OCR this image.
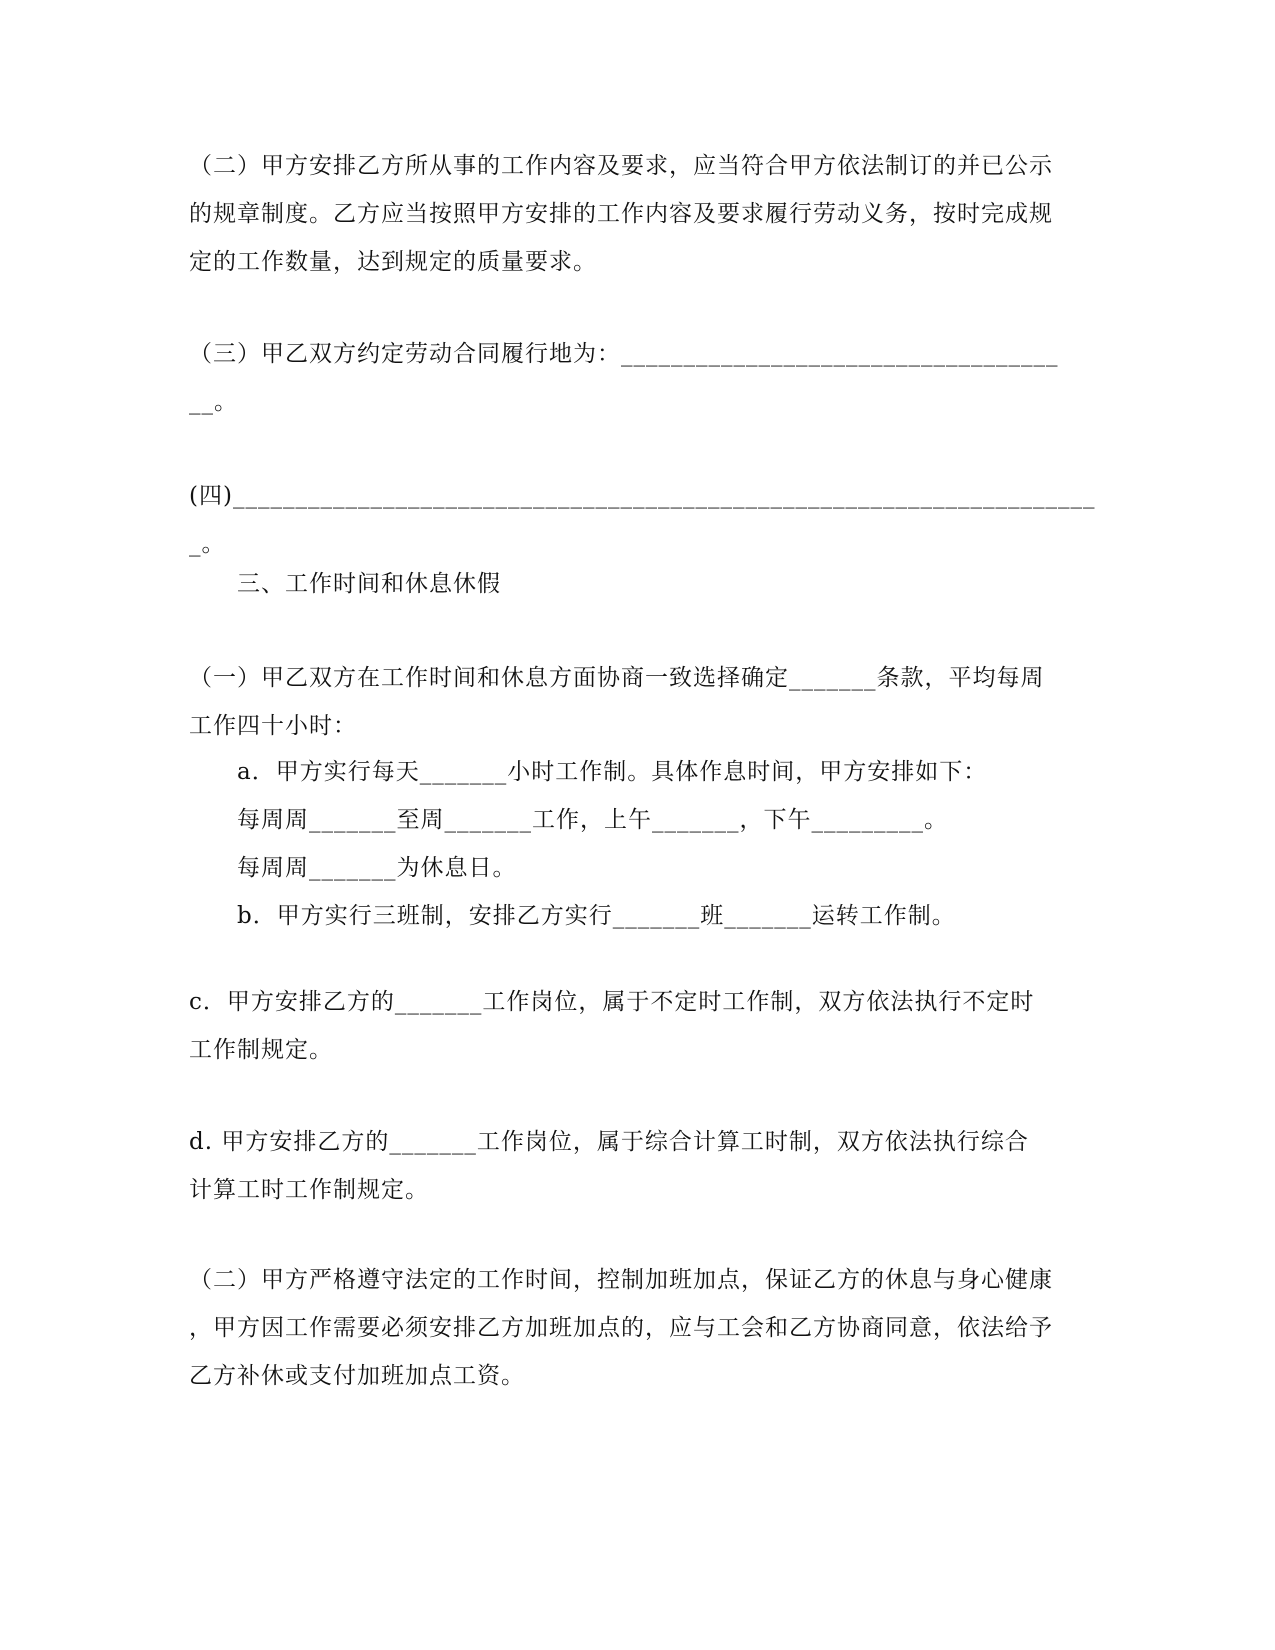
（二）甲方安排乙方所从事的工作内容及要求，应当符合甲方依法制订的并已公示
的规章制度。乙方应当按照甲方安排的工作内容及要求履行劳动义务，按时完成规
定的工作数量，达到规定的质量要求。
（三）甲乙双方约定劳动合同履行地为：___________________________________
__。
(四)_____________________________________________________________________
_。
三、工作时间和休息休假
（一）甲乙双方在工作时间和休息方面协商一致选择确定_______条款，平均每周
工作四十小时：
a．甲方实行每天_______小时工作制。具体作息时间，甲方安排如下：
每周周_______至周_______工作，上午_______，下午_________。
每周周_______为休息日。
b．甲方实行三班制，安排乙方实行_______班_______运转工作制。
c．甲方安排乙方的_______工作岗位，属于不定时工作制，双方依法执行不定时
工作制规定。
d. 甲方安排乙方的_______工作岗位，属于综合计算工时制，双方依法执行综合
计算工时工作制规定。
（二）甲方严格遵守法定的工作时间，控制加班加点，保证乙方的休息与身心健康
，甲方因工作需要必须安排乙方加班加点的，应与工会和乙方协商同意，依法给予
乙方补休或支付加班加点工资。
